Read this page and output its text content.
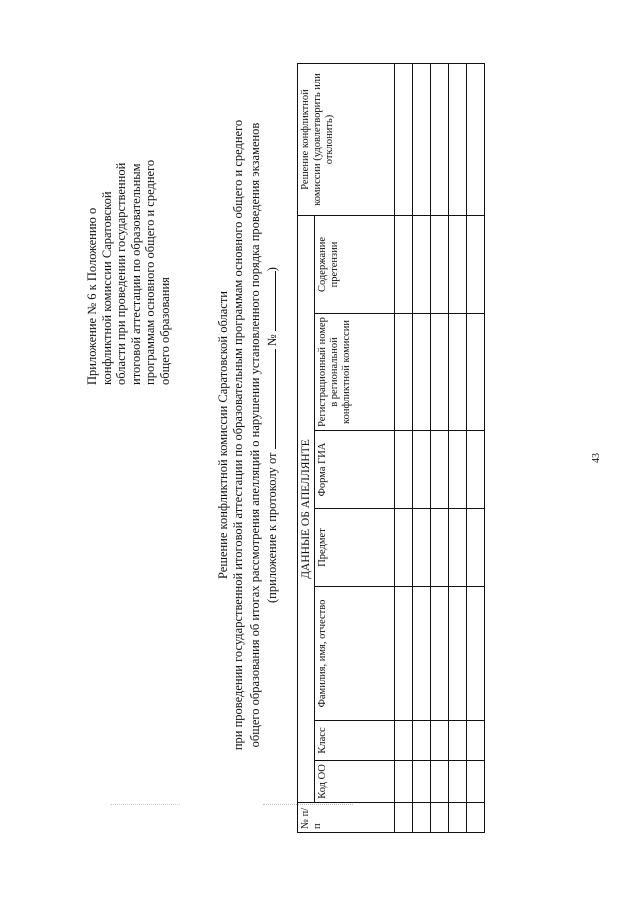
43
Приложение № 6 к Положению о конфликтной комиссии Саратовской области при проведении государственной итоговой аттестации по образовательным программам основного общего и среднего общего образования	Решение конфликтной комиссии Саратовской области при проведении государственной итоговой аттестации по образовательным программам основного общего и среднего общего образования об итогах рассмотрения апелляций о нарушении установленного порядка проведения экзаменов (приложение к протоколу от  № )
№ п/п	ДАННЫЕ ОБ АПЕЛЛЯНТЕ							Решение конфликтной комиссии (удовлетворить или отклонить)
	Код ОО	Класс	Фамилия, имя, отчество	Предмет	Форма ГИА	Регистрационный номер в региональной конфликтной комиссии	Содержание претензии	
